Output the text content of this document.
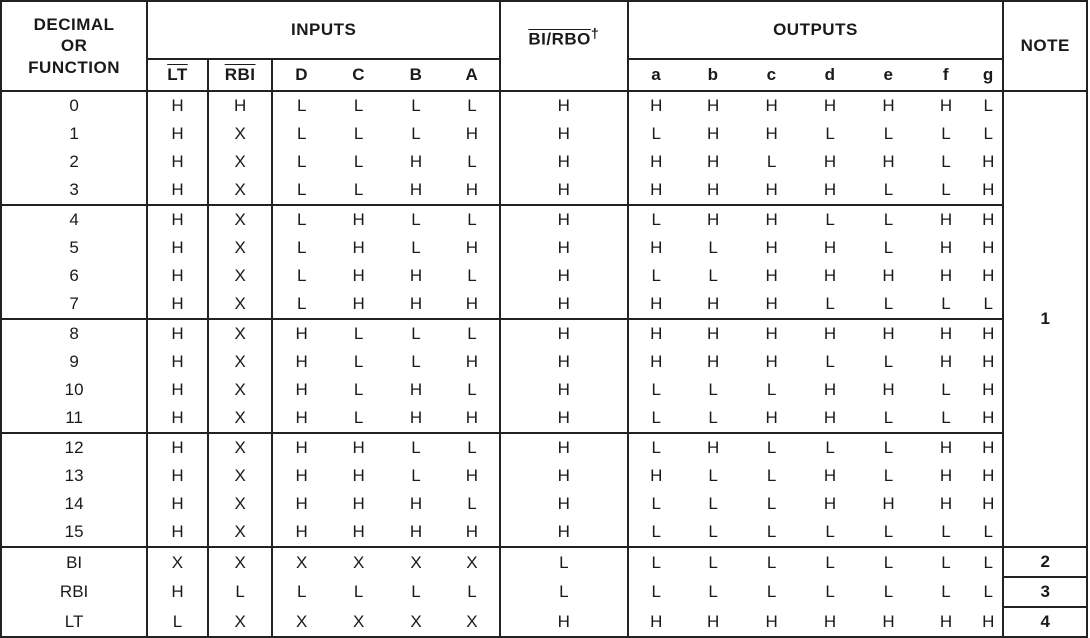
DECIMAL
OR
FUNCTION	INPUTS						BI/RBO†	OUTPUTS							NOTE
	$\overline{LT}$	$\overline{RBI}$	D	C	B	A		a	b	c	d	e	f	g	
0	H	H	L	L	L	L	H	H	H	H	H	H	H	L	1
1	H	X	L	L	L	H	H	L	H	H	L	L	L	L	
2	H	X	L	L	H	L	H	H	H	L	H	H	L	H	
3	H	X	L	L	H	H	H	H	H	H	H	L	L	H	
4	H	X	L	H	L	L	H	L	H	H	L	L	H	H	
5	H	X	L	H	L	H	H	H	L	H	H	L	H	H	
6	H	X	L	H	H	L	H	L	L	H	H	H	H	H	
7	H	X	L	H	H	H	H	H	H	H	L	L	L	L	
8	H	X	H	L	L	L	H	H	H	H	H	H	H	H	
9	H	X	H	L	L	H	H	H	H	H	L	L	H	H	
10	H	X	H	L	H	L	H	L	L	L	H	H	L	H	
11	H	X	H	L	H	H	H	L	L	H	H	L	L	H	
12	H	X	H	H	L	L	H	L	H	L	L	L	H	H	
13	H	X	H	H	L	H	H	H	L	L	H	L	H	H	
14	H	X	H	H	H	L	H	L	L	L	H	H	H	H	
15	H	X	H	H	H	H	H	L	L	L	L	L	L	L	
BI	X	X	X	X	X	X	L	L	L	L	L	L	L	L	2
RBI	H	L	L	L	L	L	L	L	L	L	L	L	L	L	3
LT	L	X	X	X	X	X	H	H	H	H	H	H	H	H	4
